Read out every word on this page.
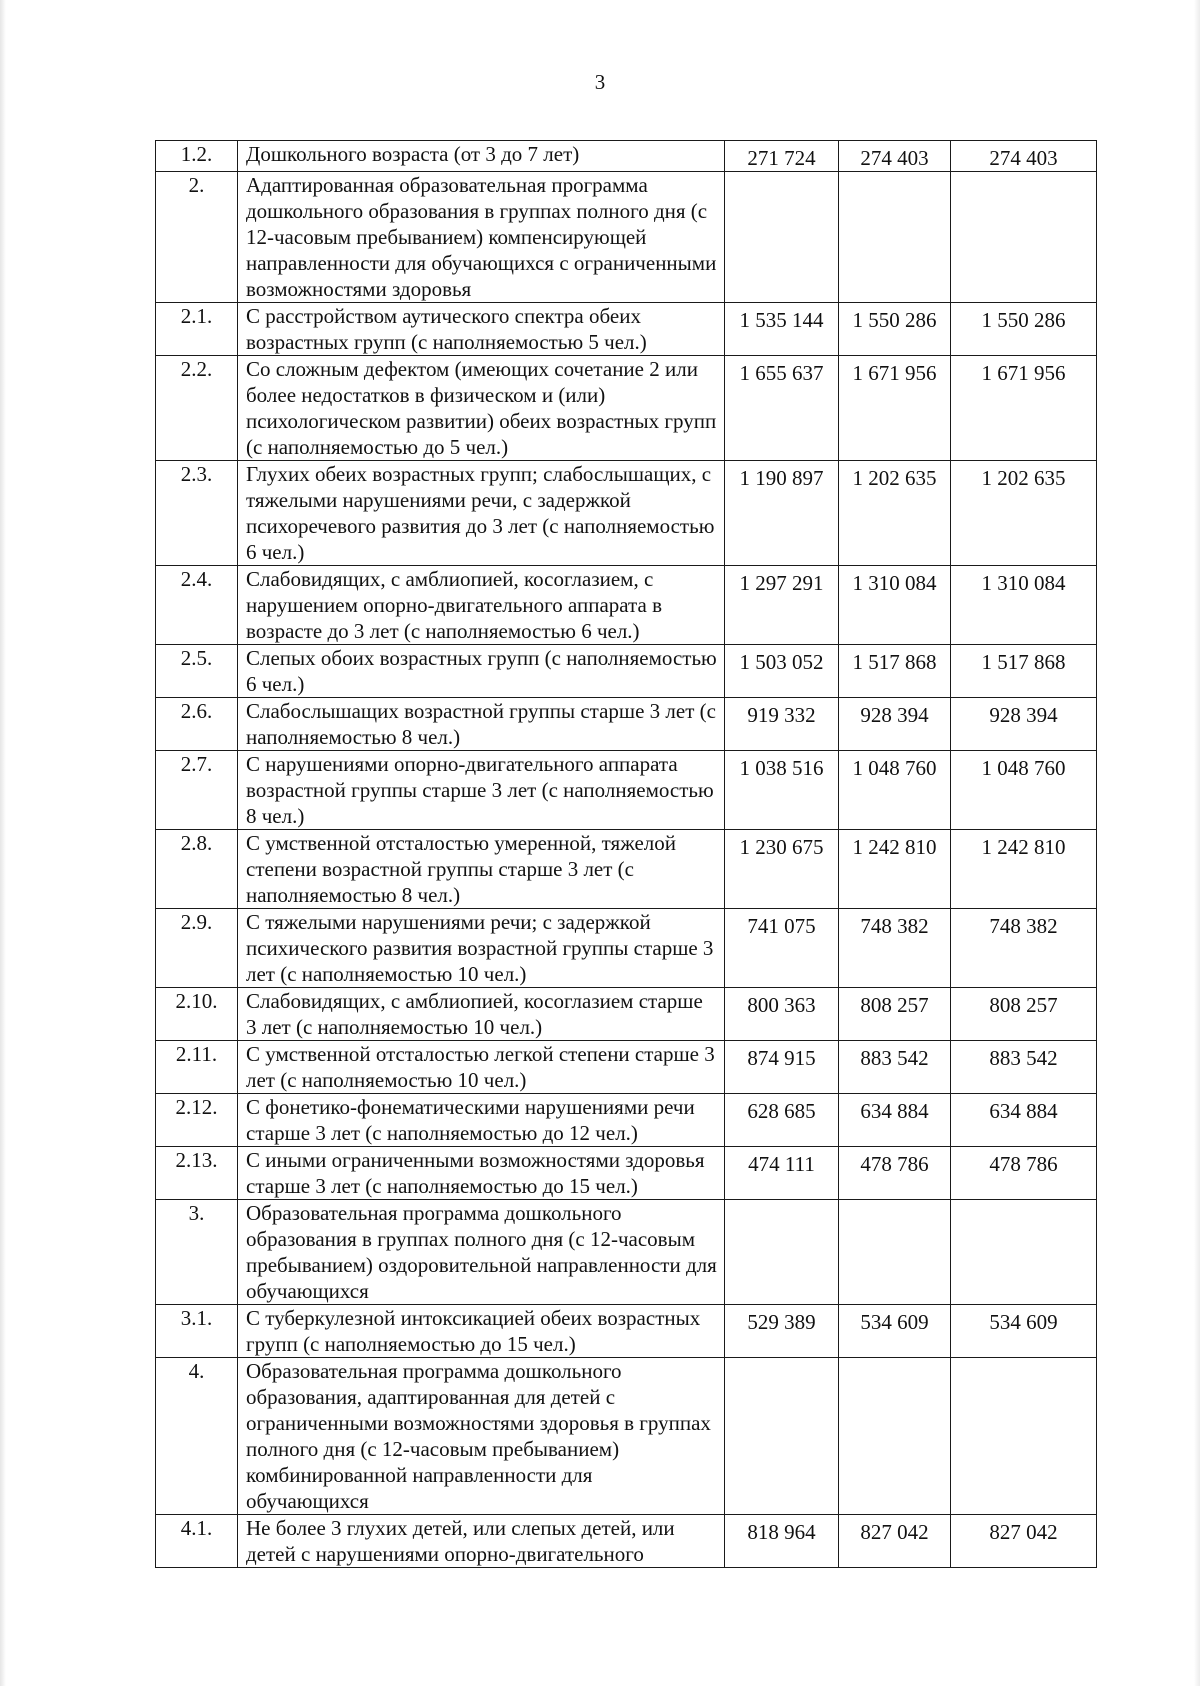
3
1.2.	Дошкольного возраста (от 3 до 7 лет)	271 724	274 403	274 403
2.	Адаптированная образовательная программа дошкольного образования в группах полного дня (с 12-часовым пребыванием) компенсирующей направленности для обучающихся с ограниченными возможностями здоровья			
2.1.	С расстройством аутического спектра обеих возрастных групп (с наполняемостью 5 чел.)	1 535 144	1 550 286	1 550 286
2.2.	Со сложным дефектом (имеющих сочетание 2 или более недостатков в физическом и (или) психологическом развитии) обеих возрастных групп (с наполняемостью до 5 чел.)	1 655 637	1 671 956	1 671 956
2.3.	Глухих обеих возрастных групп; слабослышащих, с тяжелыми нарушениями речи, с задержкой психоречевого развития до 3 лет (с наполняемостью 6 чел.)	1 190 897	1 202 635	1 202 635
2.4.	Слабовидящих, с амблиопией, косоглазием, с нарушением опорно-двигательного аппарата в возрасте до 3 лет (с наполняемостью 6 чел.)	1 297 291	1 310 084	1 310 084
2.5.	Слепых обоих возрастных групп (с наполняемостью 6 чел.)	1 503 052	1 517 868	1 517 868
2.6.	Слабослышащих возрастной группы старше 3 лет (с наполняемостью 8 чел.)	919 332	928 394	928 394
2.7.	С нарушениями опорно-двигательного аппарата возрастной группы старше 3 лет (с наполняемостью 8 чел.)	1 038 516	1 048 760	1 048 760
2.8.	С умственной отсталостью умеренной, тяжелой степени возрастной группы старше 3 лет (с наполняемостью 8 чел.)	1 230 675	1 242 810	1 242 810
2.9.	С тяжелыми нарушениями речи; с задержкой психического развития возрастной группы старше 3 лет (с наполняемостью 10 чел.)	741 075	748 382	748 382
2.10.	Слабовидящих, с амблиопией, косоглазием старше 3 лет (с наполняемостью 10 чел.)	800 363	808 257	808 257
2.11.	С умственной отсталостью легкой степени старше 3 лет (с наполняемостью 10 чел.)	874 915	883 542	883 542
2.12.	С фонетико-фонематическими нарушениями речи старше 3 лет (с наполняемостью до 12 чел.)	628 685	634 884	634 884
2.13.	С иными ограниченными возможностями здоровья старше 3 лет (с наполняемостью до 15 чел.)	474 111	478 786	478 786
3.	Образовательная программа дошкольного образования в группах полного дня (с 12-часовым пребыванием) оздоровительной направленности для обучающихся			
3.1.	С туберкулезной интоксикацией обеих возрастных групп (с наполняемостью до 15 чел.)	529 389	534 609	534 609
4.	Образовательная программа дошкольного образования, адаптированная для детей с ограниченными возможностями здоровья в группах полного дня (с 12-часовым пребыванием) комбинированной направленности для обучающихся			
4.1.	Не более 3 глухих детей, или слепых детей, или детей с нарушениями опорно-двигательного	818 964	827 042	827 042
